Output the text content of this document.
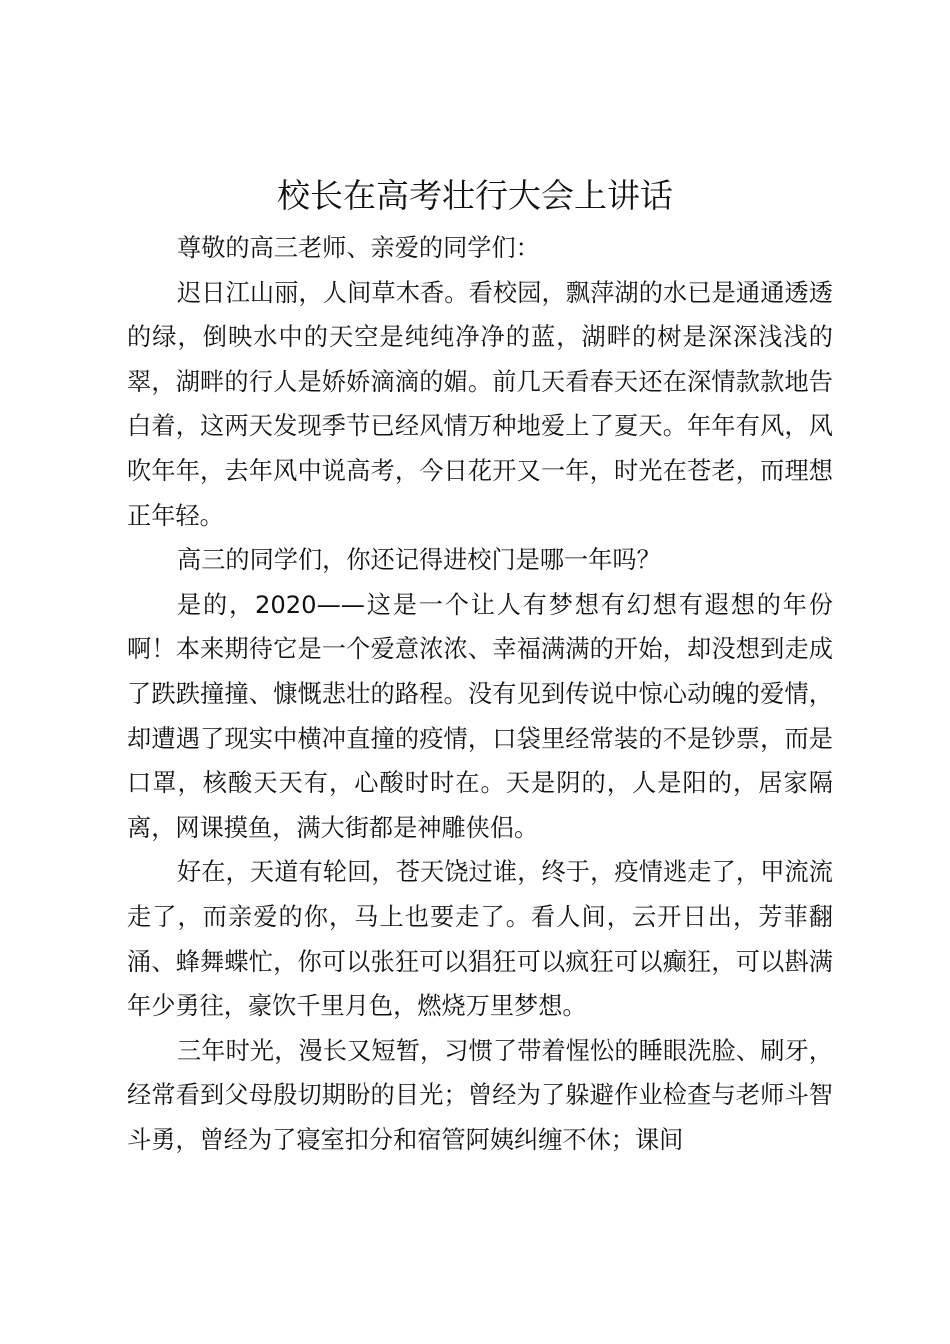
校长在高考壮行大会上讲话

尊敬的高三老师、亲爱的同学们：

迟日江山丽，人间草木香。看校园，飘萍湖的水已是通通透透的绿，倒映水中的天空是纯纯净净的蓝，湖畔的树是深深浅浅的翠，湖畔的行人是娇娇滴滴的媚。前几天看春天还在深情款款地告白着，这两天发现季节已经风情万种地爱上了夏天。年年有风，风吹年年，去年风中说高考，今日花开又一年，时光在苍老，而理想正年轻。

高三的同学们，你还记得进校门是哪一年吗？

是的，2020——这是一个让人有梦想有幻想有遐想的年份啊！本来期待它是一个爱意浓浓、幸福满满的开始，却没想到走成了跌跌撞撞、慷慨悲壮的路程。没有见到传说中惊心动魄的爱情，却遭遇了现实中横冲直撞的疫情，口袋里经常装的不是钞票，而是口罩，核酸天天有，心酸时时在。天是阴的，人是阳的，居家隔离，网课摸鱼，满大街都是神雕侠侣。

好在，天道有轮回，苍天饶过谁，终于，疫情逃走了，甲流流走了，而亲爱的你，马上也要走了。看人间，云开日出，芳菲翻涌、蜂舞蝶忙，你可以张狂可以猖狂可以疯狂可以癫狂，可以斟满年少勇往，豪饮千里月色，燃烧万里梦想。

三年时光，漫长又短暂，习惯了带着惺忪的睡眼洗脸、刷牙，经常看到父母殷切期盼的目光；曾经为了躲避作业检查与老师斗智斗勇，曾经为了寝室扣分和宿管阿姨纠缠不休；课间
